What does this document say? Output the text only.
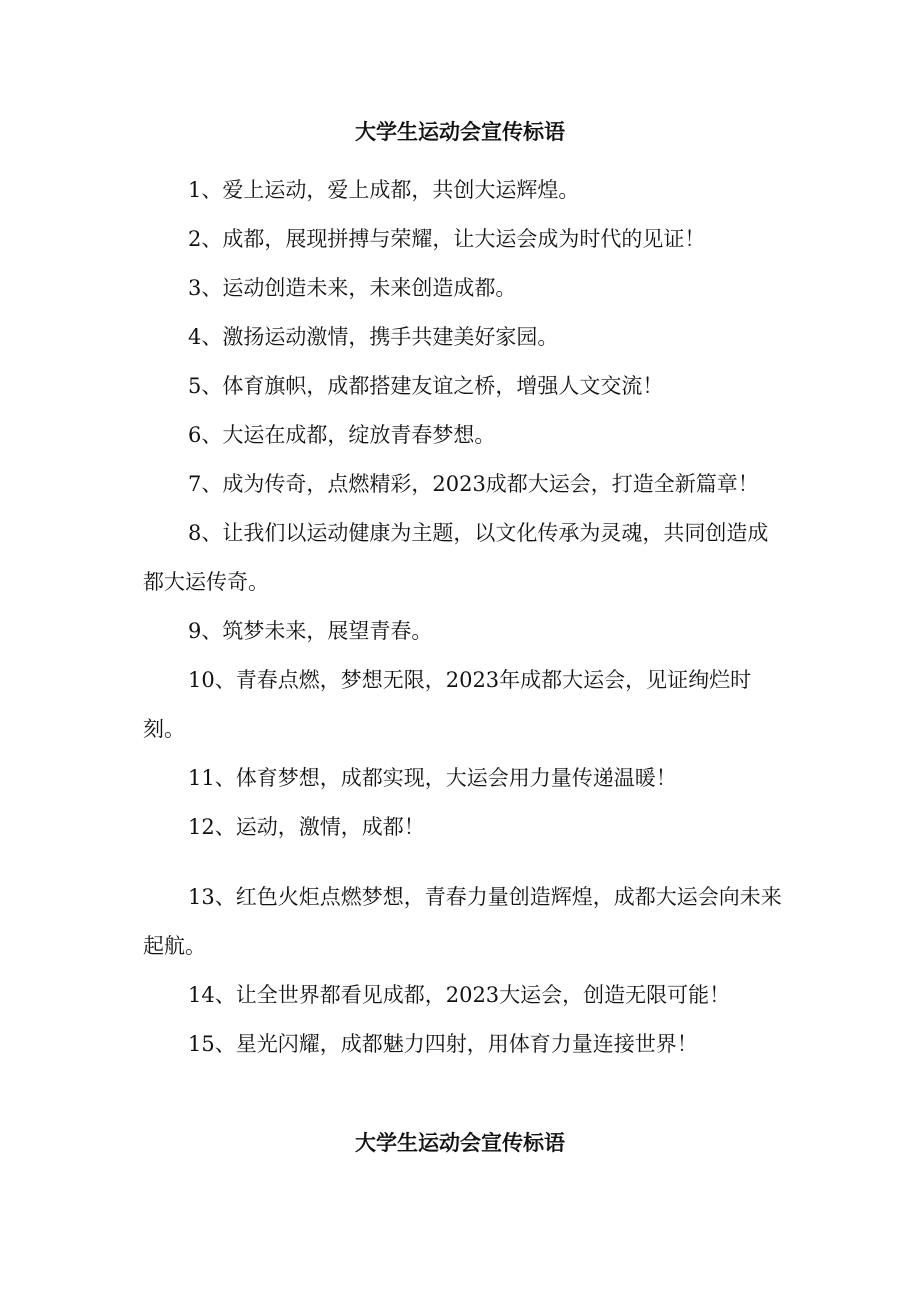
大学生运动会宣传标语
1、爱上运动，爱上成都，共创大运辉煌。
2、成都，展现拼搏与荣耀，让大运会成为时代的见证！
3、运动创造未来，未来创造成都。
4、激扬运动激情，携手共建美好家园。
5、体育旗帜，成都搭建友谊之桥，增强人文交流！
6、大运在成都，绽放青春梦想。
7、成为传奇，点燃精彩，2023成都大运会，打造全新篇章！
8、让我们以运动健康为主题，以文化传承为灵魂，共同创造成都大运传奇。
9、筑梦未来，展望青春。
10、青春点燃，梦想无限，2023年成都大运会，见证绚烂时刻。
11、体育梦想，成都实现，大运会用力量传递温暖！
12、运动，激情，成都！
13、红色火炬点燃梦想，青春力量创造辉煌，成都大运会向未来起航。
14、让全世界都看见成都，2023大运会，创造无限可能！
15、星光闪耀，成都魅力四射，用体育力量连接世界！
大学生运动会宣传标语
